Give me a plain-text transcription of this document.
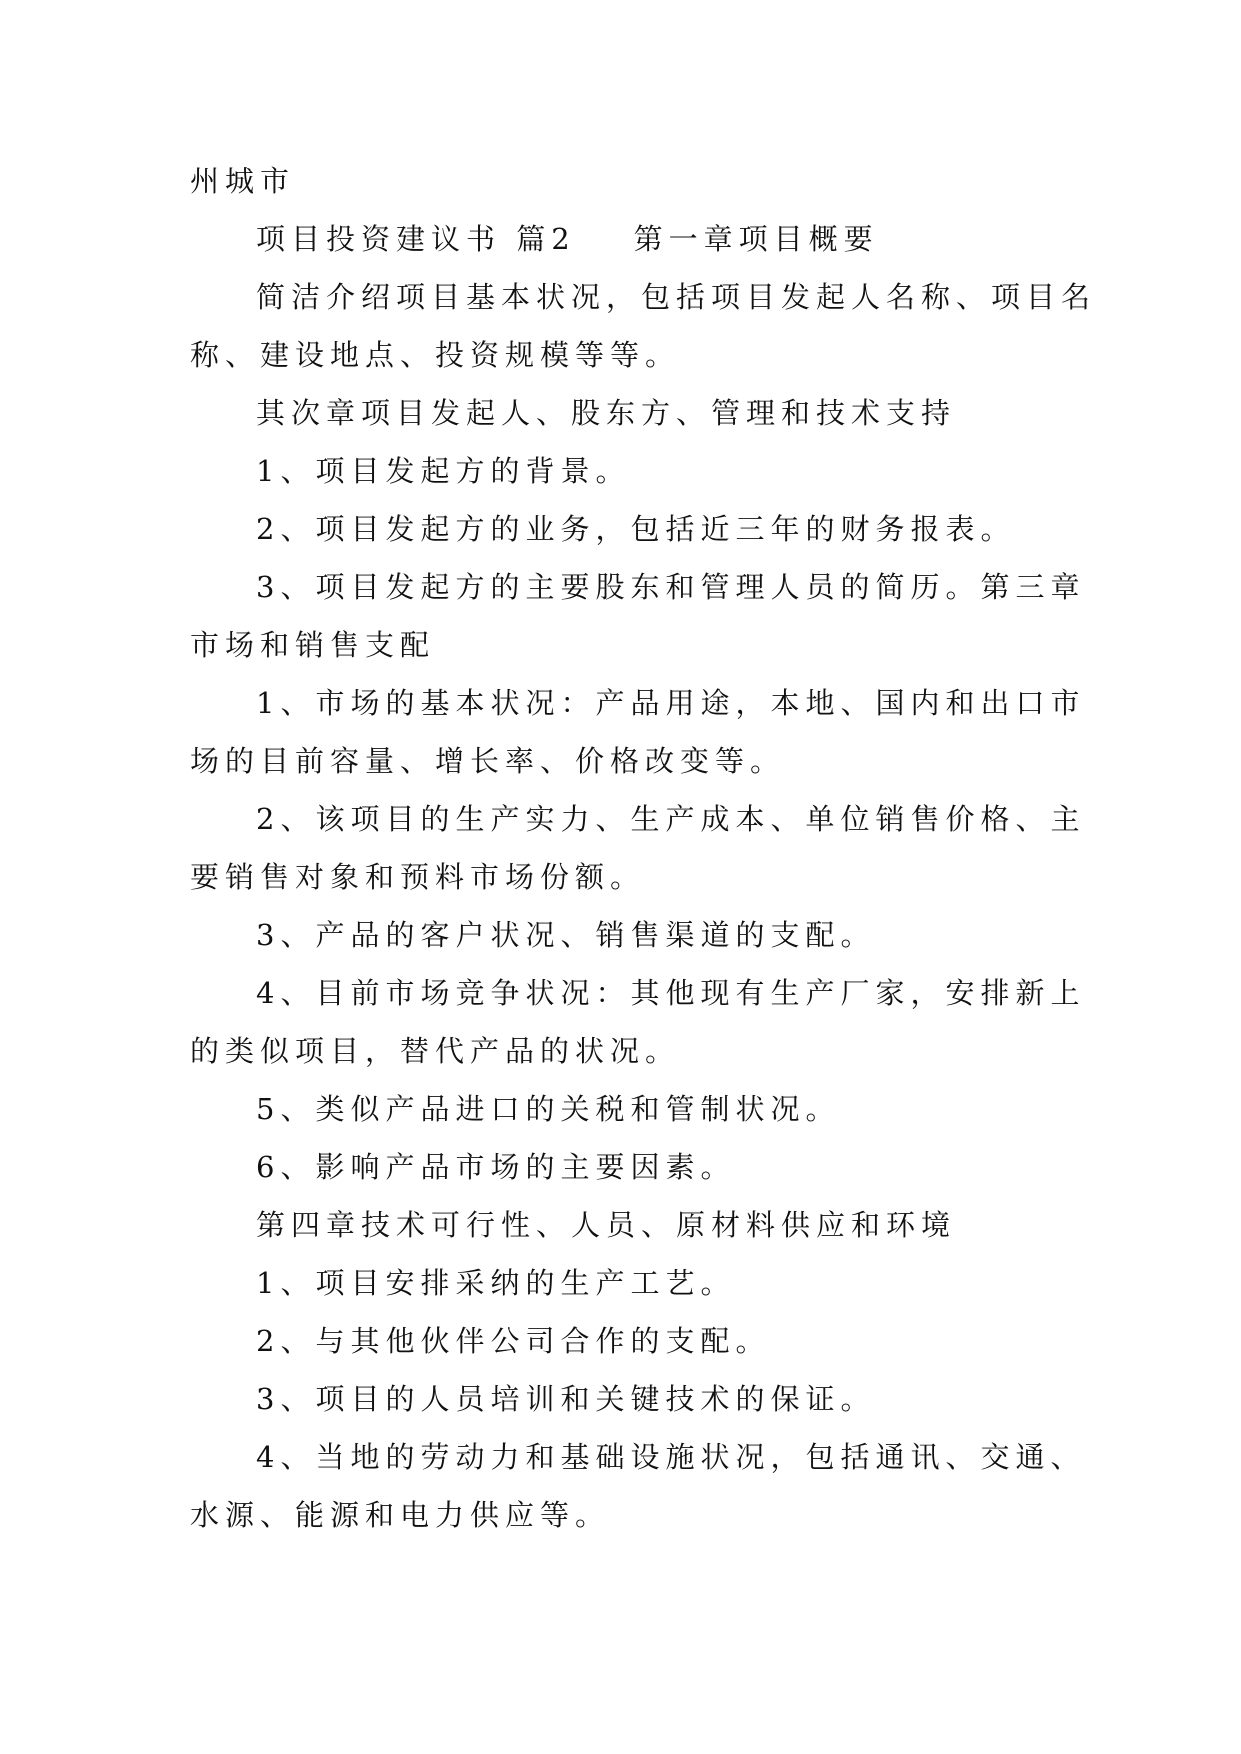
州城市
项目投资建议书 篇2 第一章项目概要
简洁介绍项目基本状况，包括项目发起人名称、项目名
称、建设地点、投资规模等等。
其次章项目发起人、股东方、管理和技术支持
1、项目发起方的背景。
2、项目发起方的业务，包括近三年的财务报表。
3、项目发起方的主要股东和管理人员的简历。第三章
市场和销售支配
1、市场的基本状况：产品用途，本地、国内和出口市
场的目前容量、增长率、价格改变等。
2、该项目的生产实力、生产成本、单位销售价格、主
要销售对象和预料市场份额。
3、产品的客户状况、销售渠道的支配。
4、目前市场竞争状况：其他现有生产厂家，安排新上
的类似项目，替代产品的状况。
5、类似产品进口的关税和管制状况。
6、影响产品市场的主要因素。
第四章技术可行性、人员、原材料供应和环境
1、项目安排采纳的生产工艺。
2、与其他伙伴公司合作的支配。
3、项目的人员培训和关键技术的保证。
4、当地的劳动力和基础设施状况，包括通讯、交通、
水源、能源和电力供应等。
